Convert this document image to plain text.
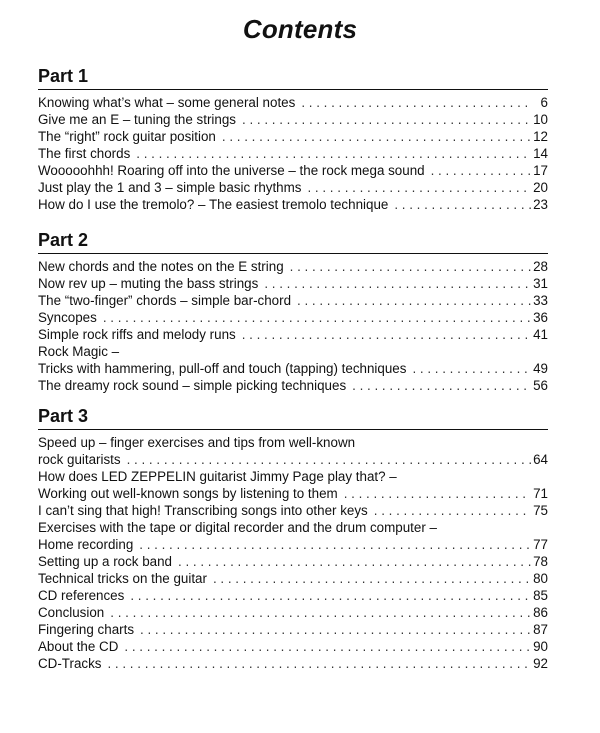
Contents
Part 1
Knowing what’s what – some general notes . . .	6
Give me an E – tuning the strings . . .	10
The “right” rock guitar position . . .	12
The first chords . . .	14
Wooooohhh! Roaring off into the universe – the rock mega sound . . .	17
Just play the 1 and 3 – simple basic rhythms . . .	20
How do I use the tremolo? – The easiest tremolo technique . . .	23
Part 2
New chords and the notes on the E string . . .	28
Now rev up – muting the bass strings . . .	31
The “two-finger” chords – simple bar-chord . . .	33
Syncopes . . .	36
Simple rock riffs and melody runs . . .	41
Rock Magic –
Tricks with hammering, pull-off and touch (tapping) techniques . . .	49
The dreamy rock sound – simple picking techniques . . .	56
Part 3
Speed up – finger exercises and tips from well-known
rock guitarists . . .	64
How does LED ZEPPELIN guitarist Jimmy Page play that? –
Working out well-known songs by listening to them . . .	71
I can’t sing that high! Transcribing songs into other keys . . .	75
Exercises with the tape or digital recorder and the drum computer –
Home recording . . .	77
Setting up a rock band . . .	78
Technical tricks on the guitar . . .	80
CD references . . .	85
Conclusion . . .	86
Fingering charts . . .	87
About the CD . . .	90
CD-Tracks . . .	92
